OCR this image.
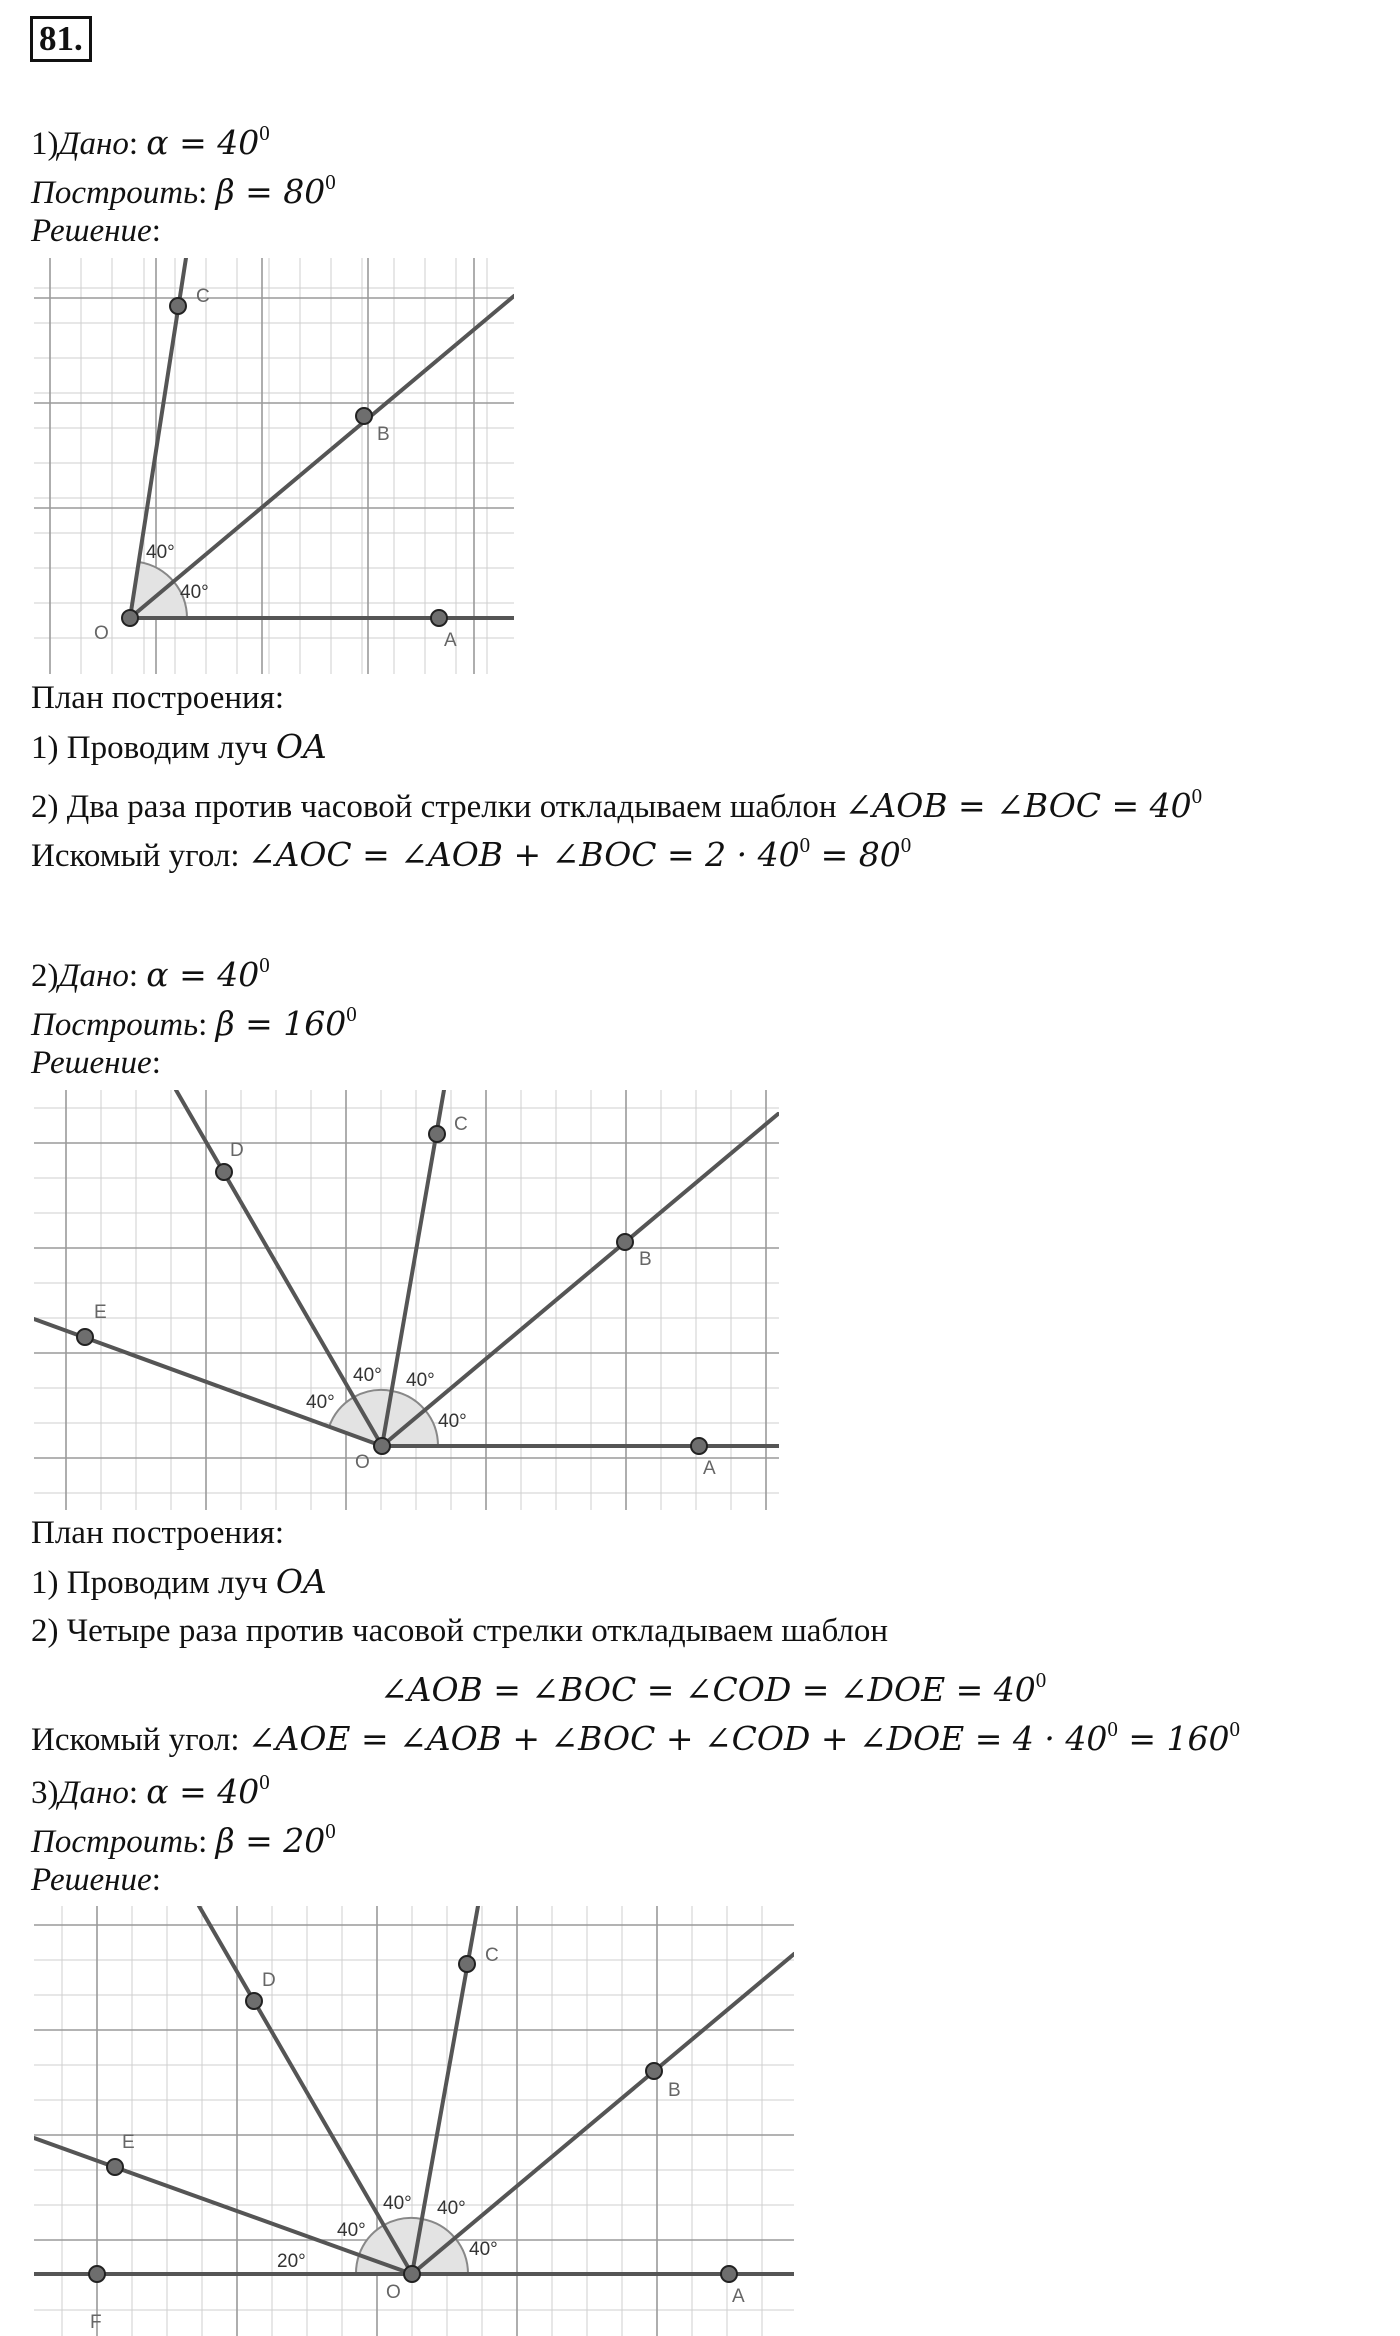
81.
1)Дано: $\alpha = 40^0$
Построить: $\beta = 80^0$
Решение:
O	A
B
C
40°
40°
План построения:
1) Проводим луч OA
2) Два раза против часовой стрелки откладываем шаблон ∠AOB = ∠BOC = $40^0$
Искомый угол: ∠AOC = ∠AOB + ∠BOC = $2 \cdot 40^0 = 80^0$
2)Дано: $\alpha = 40^0$
Построить: $\beta = 160^0$
Решение:
O	A
B
C
D
E
40°
40°
40°
40°
План построения:
1) Проводим луч OA
2) Четыре раза против часовой стрелки откладываем шаблон
∠AOB = ∠BOC = ∠COD = ∠DOE = $40^0$
Искомый угол: ∠AOE = ∠AOB + ∠BOC + ∠COD + ∠DOE = $4 \cdot 40^0 = 160^0$
3)Дано: $\alpha = 40^0$
Построить: $\beta = 20^0$
Решение:
O	A
B
C
D
E
F
40°
40°
40°
40°
20°
